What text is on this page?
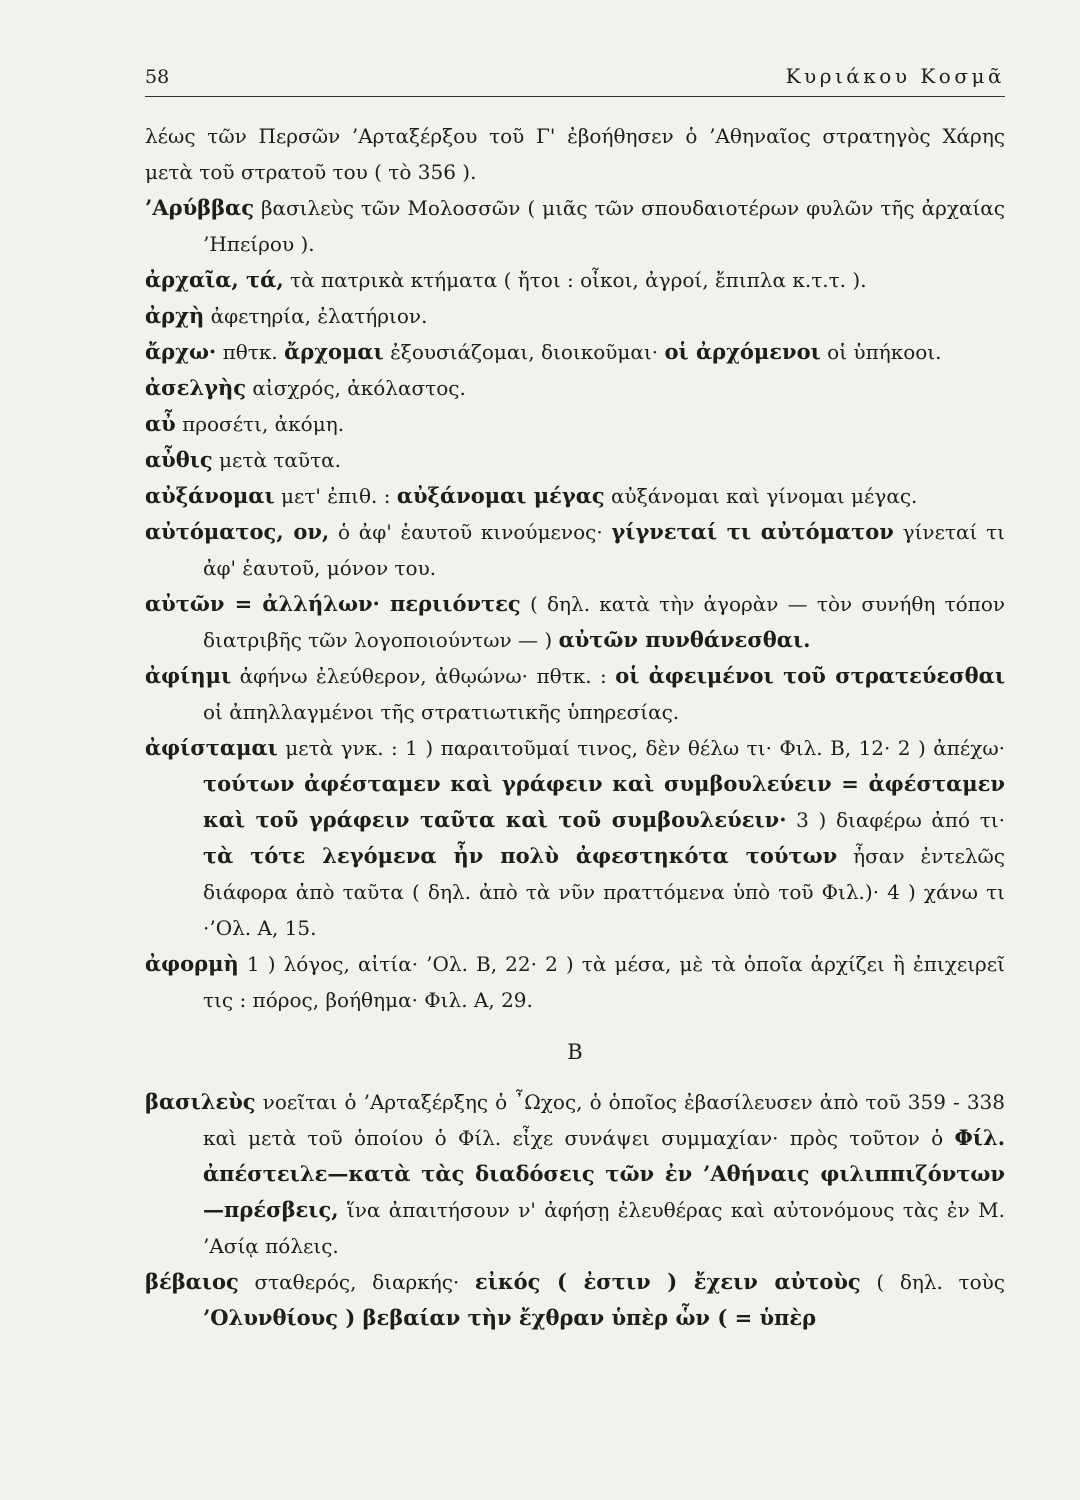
58	Κυριάκου Κοσμᾶ

λέως τῶν Περσῶν ’Αρταξέρξου τοῦ Γ' ἐβοήθησεν ὁ ’Αθηναῖος στρατηγὸς Χάρης μετὰ τοῦ στρατοῦ του ( τὸ 356 ).

’Αρύββας βασιλεὺς τῶν Μολοσσῶν ( μιᾶς τῶν σπουδαιοτέρων φυλῶν τῆς ἀρχαίας ’Ηπείρου ).

ἀρχαῖα, τά, τὰ πατρικὰ κτήματα ( ἤτοι : οἶκοι, ἀγροί, ἔπιπλα κ.τ.τ. ).

ἀρχὴ ἀφετηρία, ἐλατήριον.

ἄρχω· πθτκ. ἄρχομαι ἐξουσιάζομαι, διοικοῦμαι· οἱ ἀρχόμενοι οἱ ὑπήκοοι.

ἀσελγὴς αἰσχρός, ἀκόλαστος.

αὖ προσέτι, ἀκόμη.

αὖθις μετὰ ταῦτα.

αὐξάνομαι μετ' ἐπιθ. : αὐξάνομαι μέγας αὐξάνομαι καὶ γίνομαι μέγας.

αὐτόματος, ον, ὁ ἀφ' ἑαυτοῦ κινούμενος· γίγνεταί τι αὐτόματον γίνεταί τι ἀφ' ἑαυτοῦ, μόνον του.

αὐτῶν = ἀλλήλων· περιιόντες ( δηλ. κατὰ τὴν ἀγορὰν — τὸν συνήθη τόπον διατριβῆς τῶν λογοποιούντων — ) αὐτῶν πυνθάνεσθαι.

ἀφίημι ἀφήνω ἐλεύθερον, ἀθῳώνω· πθτκ. : οἱ ἀφειμένοι τοῦ στρατεύεσθαι οἱ ἀπηλλαγμένοι τῆς στρατιωτικῆς ὑπηρεσίας.

ἀφίσταμαι μετὰ γνκ. : 1 ) παραιτοῦμαί τινος, δὲν θέλω τι· Φιλ. Β, 12· 2 ) ἀπέχω· τούτων ἀφέσταμεν καὶ γράφειν καὶ συμβουλεύειν = ἀφέσταμεν καὶ τοῦ γράφειν ταῦτα καὶ τοῦ συμβουλεύειν· 3 ) διαφέρω ἀπό τι· τὰ τότε λεγόμενα ἦν πολὺ ἀφεστηκότα τούτων ἦσαν ἐντελῶς διάφορα ἀπὸ ταῦτα ( δηλ. ἀπὸ τὰ νῦν πραττόμενα ὑπὸ τοῦ Φιλ.)· 4 ) χάνω τι ·’Ολ. Α, 15.

ἀφορμὴ 1 ) λόγος, αἰτία· ’Ολ. Β, 22· 2 ) τὰ μέσα, μὲ τὰ ὁποῖα ἀρχίζει ἢ ἐπιχειρεῖ τις : πόρος, βοήθημα· Φιλ. Α, 29.

Β

βασιλεὺς νοεῖται ὁ ’Αρταξέρξης ὁ ῏Ωχος, ὁ ὁποῖος ἐβασίλευσεν ἀπὸ τοῦ 359 - 338 καὶ μετὰ τοῦ ὁποίου ὁ Φίλ. εἶχε συνάψει συμμαχίαν· πρὸς τοῦτον ὁ Φίλ. ἀπέστειλε—κατὰ τὰς διαδόσεις τῶν ἐν ’Αθήναις φιλιππιζόντων—πρέσβεις, ἵνα ἀπαιτήσουν ν' ἀφήσῃ ἐλευθέρας καὶ αὐτονόμους τὰς ἐν Μ. ’Ασίᾳ πόλεις.

βέβαιος σταθερός, διαρκής· εἰκός ( ἐστιν ) ἔχειν αὐτοὺς ( δηλ. τοὺς ’Ολυνθίους ) βεβαίαν τὴν ἔχθραν ὑπὲρ ὧν ( = ὑπὲρ
